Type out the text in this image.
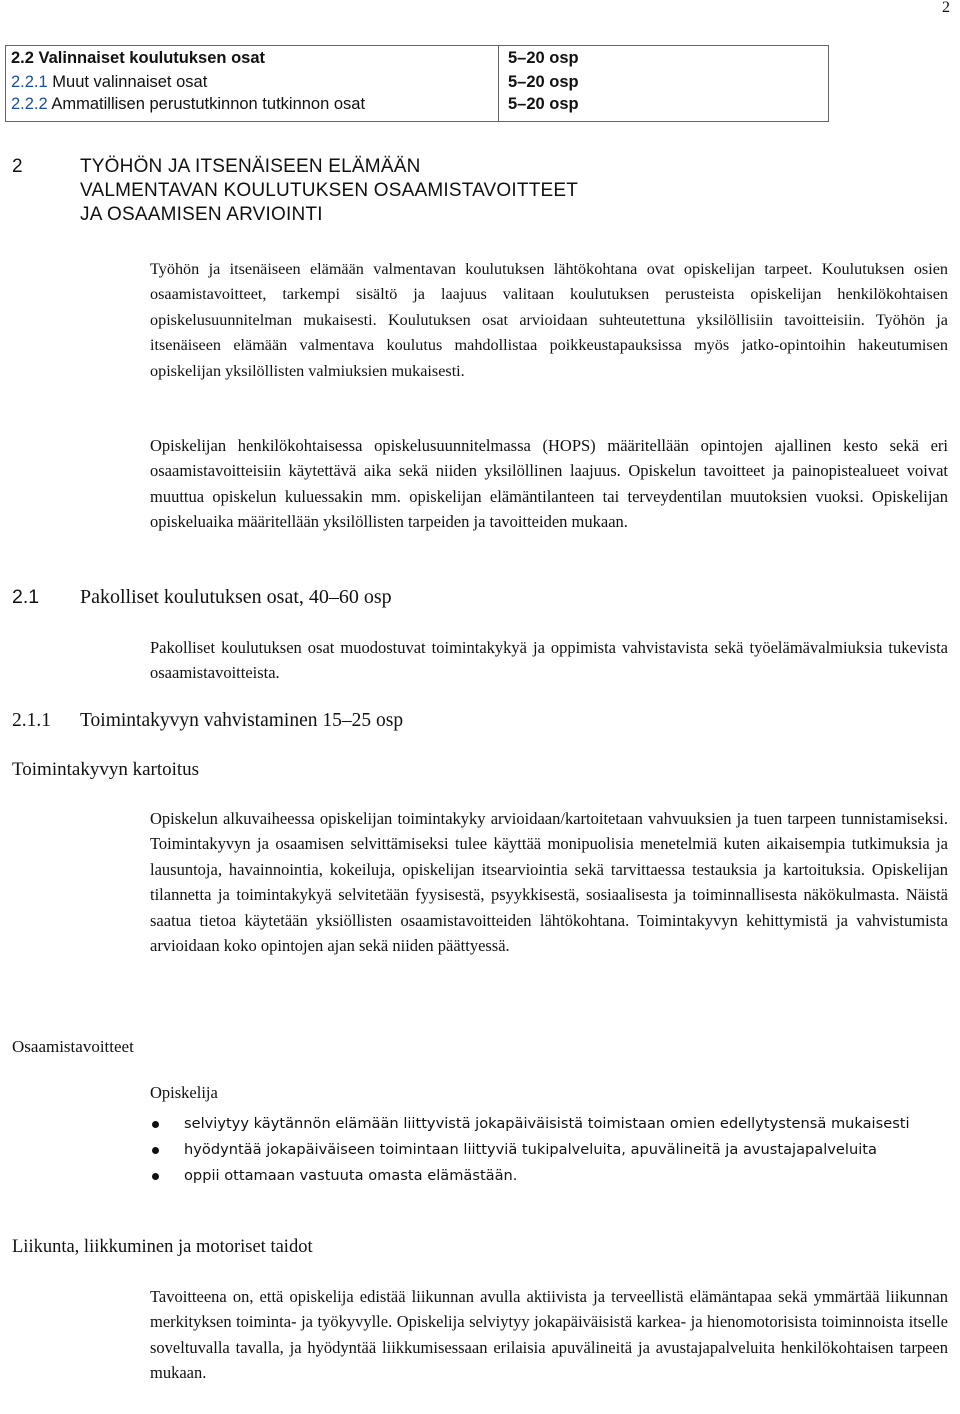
2
2.2 Valinnaiset koulutuksen osat	5–20 osp
2.2.1 Muut valinnaiset osat	5–20 osp
2.2.2 Ammatillisen perustutkinnon tutkinnon osat	5–20 osp
2	TYÖHÖN JA ITSENÄISEEN ELÄMÄÄN
VALMENTAVAN KOULUTUKSEN OSAAMISTAVOITTEET
JA OSAAMISEN ARVIOINTI

Työhön ja itsenäiseen elämään valmentavan koulutuksen lähtökohtana ovat opiskelijan tarpeet. Koulutuksen osien osaamistavoitteet, tarkempi sisältö ja laajuus valitaan koulutuksen perusteista opiskelijan henkilökohtaisen opiskelusuunnitelman mukaisesti. Koulutuksen osat arvioidaan suhteutettuna yksilöllisiin tavoitteisiin. Työhön ja itsenäiseen elämään valmentava koulutus mahdollistaa poikkeustapauksissa myös jatko-opintoihin hakeutumisen opiskelijan yksilöllisten valmiuksien mukaisesti.

Opiskelijan henkilökohtaisessa opiskelusuunnitelmassa (HOPS) määritellään opintojen ajallinen kesto sekä eri osaamistavoitteisiin käytettävä aika sekä niiden yksilöllinen laajuus. Opiskelun tavoitteet ja painopistealueet voivat muuttua opiskelun kuluessakin mm. opiskelijan elämäntilanteen tai terveydentilan muutoksien vuoksi. Opiskelijan opiskeluaika määritellään yksilöllisten tarpeiden ja tavoitteiden mukaan.

2.1 Pakolliset koulutuksen osat, 40–60 osp

Pakolliset koulutuksen osat muodostuvat toimintakykyä ja oppimista vahvistavista sekä työelämävalmiuksia tukevista osaamistavoitteista.

2.1.1 Toimintakyvyn vahvistaminen 15–25 osp
Toimintakyvyn kartoitus

Opiskelun alkuvaiheessa opiskelijan toimintakyky arvioidaan/kartoitetaan vahvuuksien ja tuen tarpeen tunnistamiseksi. Toimintakyvyn ja osaamisen selvittämiseksi tulee käyttää monipuolisia menetelmiä kuten aikaisempia tutkimuksia ja lausuntoja, havainnointia, kokeiluja, opiskelijan itsearviointia sekä tarvittaessa testauksia ja kartoituksia. Opiskelijan tilannetta ja toimintakykyä selvitetään fyysisestä, psyykkisestä, sosiaalisesta ja toiminnallisesta näkökulmasta. Näistä saatua tietoa käytetään yksiöllisten osaamistavoitteiden lähtökohtana. Toimintakyvyn kehittymistä ja vahvistumista arvioidaan koko opintojen ajan sekä niiden päättyessä.

Osaamistavoitteet
Opiskelija
selviytyy käytännön elämään liittyvistä jokapäiväisistä toimistaan omien edellytystensä mukaisesti
hyödyntää jokapäiväiseen toimintaan liittyviä tukipalveluita, apuvälineitä ja avustajapalveluita
oppii ottamaan vastuuta omasta elämästään.
Liikunta, liikkuminen ja motoriset taidot

Tavoitteena on, että opiskelija edistää liikunnan avulla aktiivista ja terveellistä elämäntapaa sekä ymmärtää liikunnan merkityksen toiminta- ja työkyvylle. Opiskelija selviytyy jokapäiväisistä karkea- ja hienomotorisista toiminnoista itselle soveltuvalla tavalla, ja hyödyntää liikkumisessaan erilaisia apuvälineitä ja avustajapalveluita henkilökohtaisen tarpeen mukaan.
